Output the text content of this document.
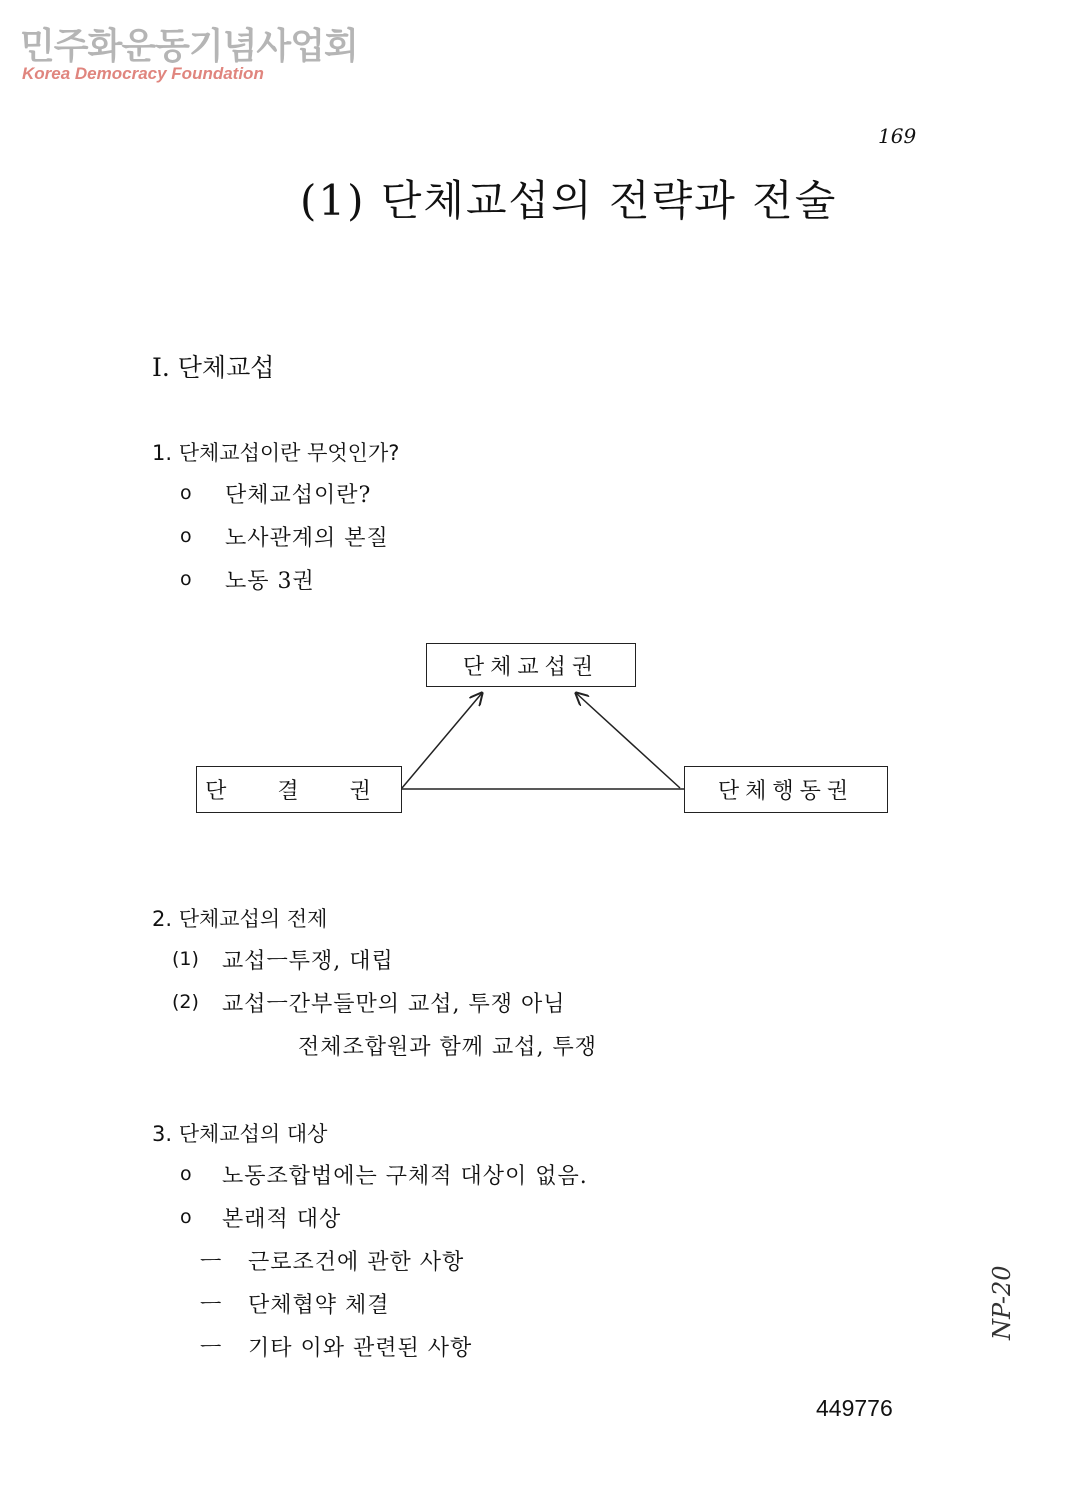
민주화운동기념사업회
Korea Democracy Foundation
169
(1) 단체교섭의 전략과 전술
Ⅰ. 단체교섭
1. 단체교섭이란 무엇인가?
o 단체교섭이란?
o 노사관계의 본질
o 노동 3권
단체교섭권
단 결 권	단체행동권
2. 단체교섭의 전제
(1) 교섭ㅡ투쟁, 대립
(2) 교섭ㅡ간부들만의 교섭, 투쟁 아님
전체조합원과 함께 교섭, 투쟁
3. 단체교섭의 대상
o 노동조합법에는 구체적 대상이 없음.
o 본래적 대상
ㅡ 근로조건에 관한 사항
ㅡ 단체협약 체결
ㅡ 기타 이와 관련된 사항
449776
NP-20
